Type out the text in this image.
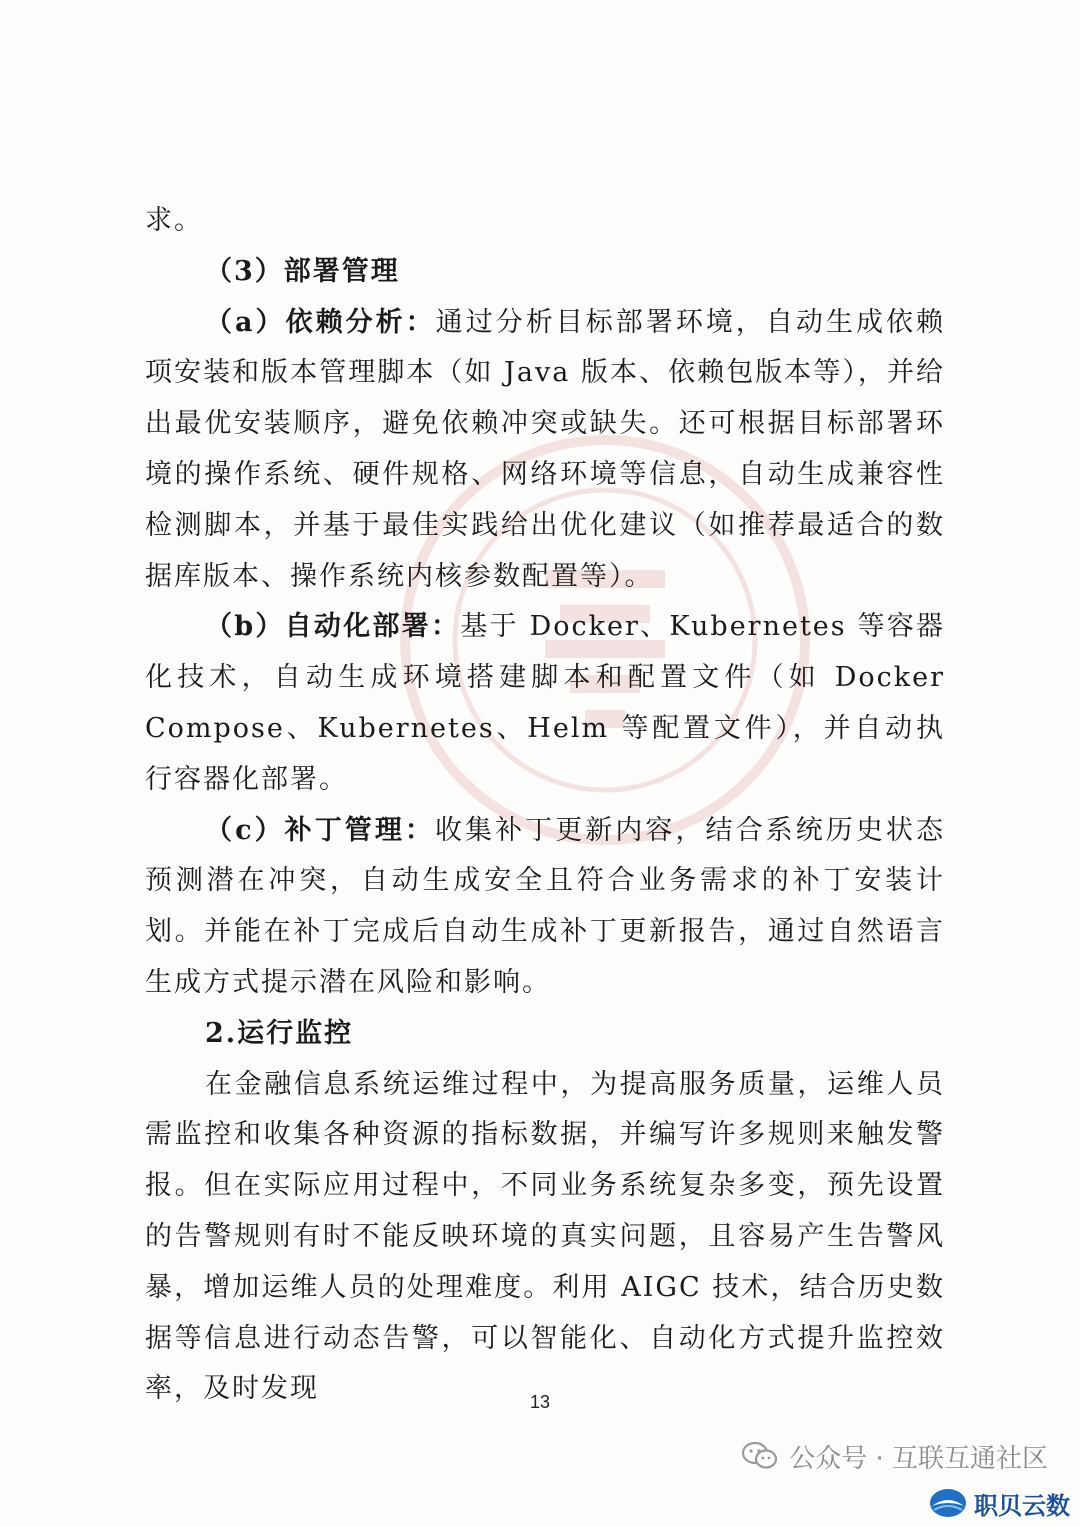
求。

（3）部署管理

（a）依赖分析：通过分析目标部署环境，自动生成依赖项安装和版本管理脚本（如 Java 版本、依赖包版本等），并给出最优安装顺序，避免依赖冲突或缺失。还可根据目标部署环境的操作系统、硬件规格、网络环境等信息，自动生成兼容性检测脚本，并基于最佳实践给出优化建议（如推荐最适合的数据库版本、操作系统内核参数配置等）。

（b）自动化部署：基于 Docker、Kubernetes 等容器化技术，自动生成环境搭建脚本和配置文件（如 Docker Compose、Kubernetes、Helm 等配置文件），并自动执行容器化部署。

（c）补丁管理：收集补丁更新内容，结合系统历史状态预测潜在冲突，自动生成安全且符合业务需求的补丁安装计划。并能在补丁完成后自动生成补丁更新报告，通过自然语言生成方式提示潜在风险和影响。

2.运行监控

在金融信息系统运维过程中，为提高服务质量，运维人员需监控和收集各种资源的指标数据，并编写许多规则来触发警报。但在实际应用过程中，不同业务系统复杂多变，预先设置的告警规则有时不能反映环境的真实问题，且容易产生告警风暴，增加运维人员的处理难度。利用 AIGC 技术，结合历史数据等信息进行动态告警，可以智能化、自动化方式提升监控效率，及时发现	13
公众号 · 互联互通社区
职贝云数
